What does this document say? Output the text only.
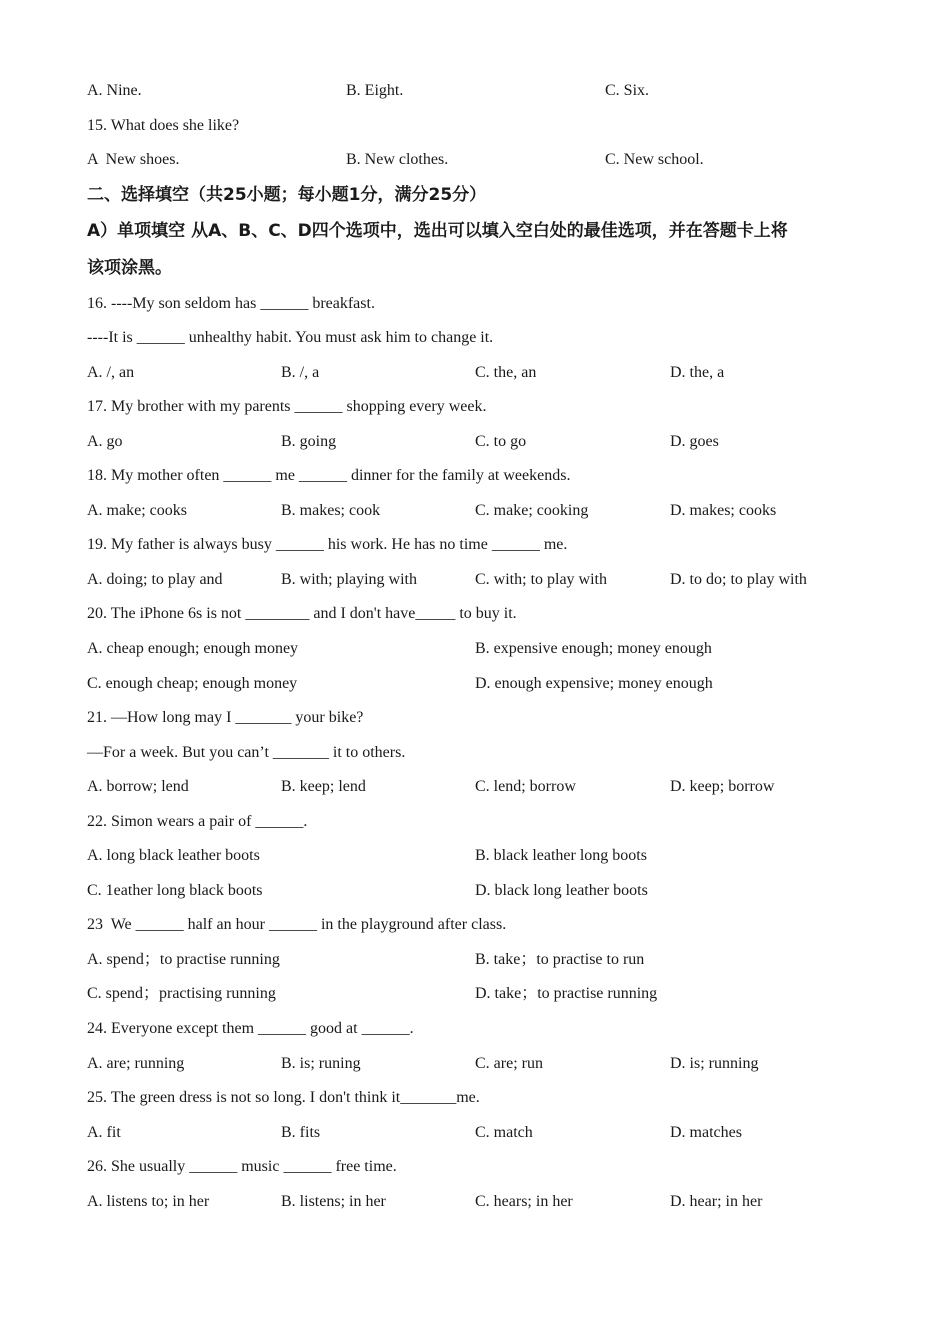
A. Nine.	B. Eight.	C. Six.
15. What does she like?
A  New shoes.	B. New clothes.	C. New school.
二、选择填空（共25小题；每小题1分，满分25分）
A）单项填空 从A、B、C、D四个选项中，选出可以填入空白处的最佳选项，并在答题卡上将
该项涂黑。
16. ----My son seldom has ______ breakfast.
----It is ______ unhealthy habit. You must ask him to change it.
A. /, an	B. /, a	C. the, an	D. the, a
17. My brother with my parents ______ shopping every week.
A. go	B. going	C. to go	D. goes
18. My mother often ______ me ______ dinner for the family at weekends.
A. make; cooks	B. makes; cook	C. make; cooking	D. makes; cooks
19. My father is always busy ______ his work. He has no time ______ me.
A. doing; to play and	B. with; playing with	C. with; to play with	D. to do; to play with
20. The iPhone 6s is not ________ and I don't have_____ to buy it.
A. cheap enough; enough money	B. expensive enough; money enough
C. enough cheap; enough money	D. enough expensive; money enough
21. —How long may I _______ your bike?
—For a week. But you can’t _______ it to others.
A. borrow; lend	B. keep; lend	C. lend; borrow	D. keep; borrow
22. Simon wears a pair of ______.
A. long black leather boots	B. black leather long boots
C. 1eather long black boots	D. black long leather boots
23  We ______ half an hour ______ in the playground after class.
A. spend；to practise running	B. take；to practise to run
C. spend；practising running	D. take；to practise running
24. Everyone except them ______ good at ______.
A. are; running	B. is; runing	C. are; run	D. is; running
25. The green dress is not so long. I don't think it_______me.
A. fit	B. fits	C. match	D. matches
26. She usually ______ music ______ free time.
A. listens to; in her	B. listens; in her	C. hears; in her	D. hear; in her
